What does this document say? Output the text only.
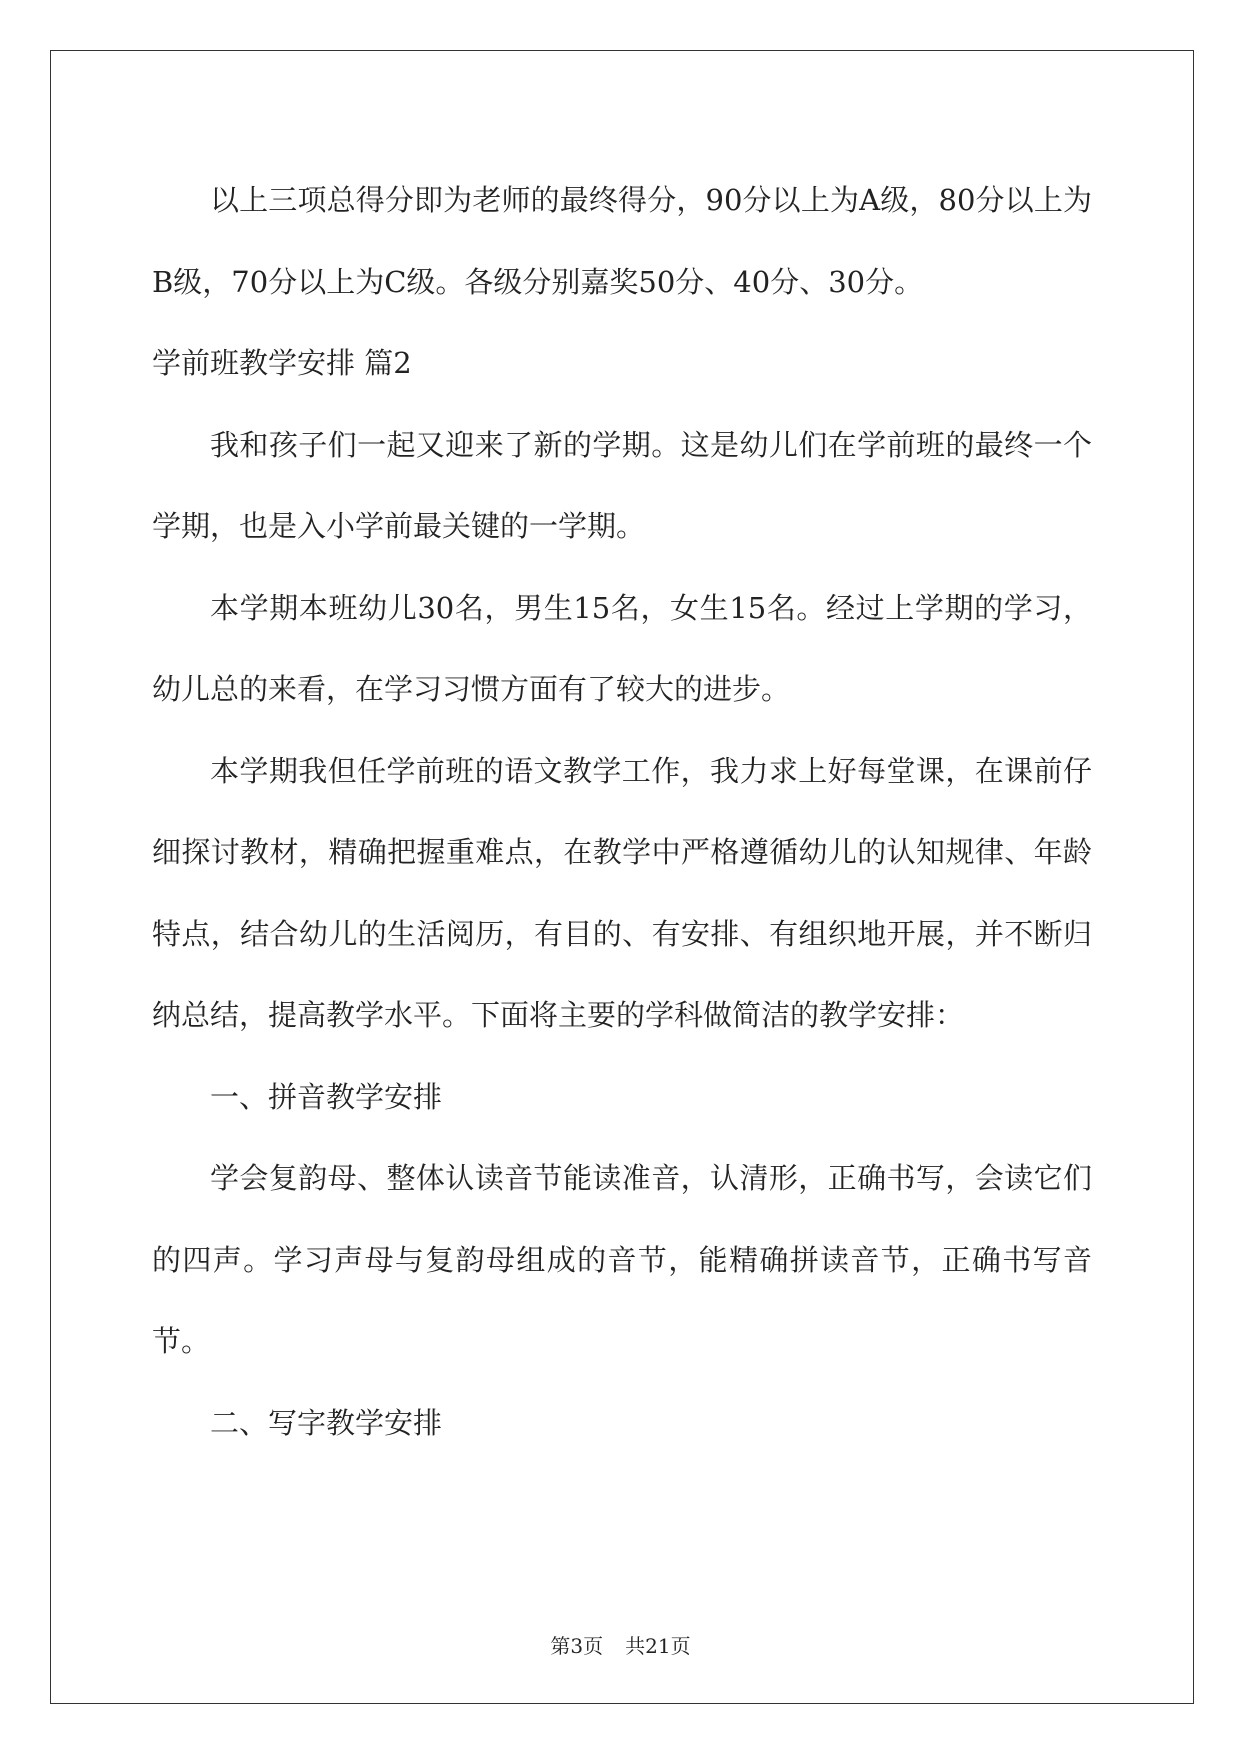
以上三项总得分即为老师的最终得分，90分以上为A级，80分以上为B级，70分以上为C级。各级分别嘉奖50分、40分、30分。

学前班教学安排 篇2

我和孩子们一起又迎来了新的学期。这是幼儿们在学前班的最终一个学期，也是入小学前最关键的一学期。

本学期本班幼儿30名，男生15名，女生15名。经过上学期的学习，幼儿总的来看，在学习习惯方面有了较大的进步。

本学期我但任学前班的语文教学工作，我力求上好每堂课，在课前仔细探讨教材，精确把握重难点，在教学中严格遵循幼儿的认知规律、年龄特点，结合幼儿的生活阅历，有目的、有安排、有组织地开展，并不断归纳总结，提高教学水平。下面将主要的学科做简洁的教学安排：

一、拼音教学安排

学会复韵母、整体认读音节能读准音，认清形，正确书写，会读它们的四声。学习声母与复韵母组成的音节，能精确拼读音节，正确书写音节。

二、写字教学安排

第3页 共21页
